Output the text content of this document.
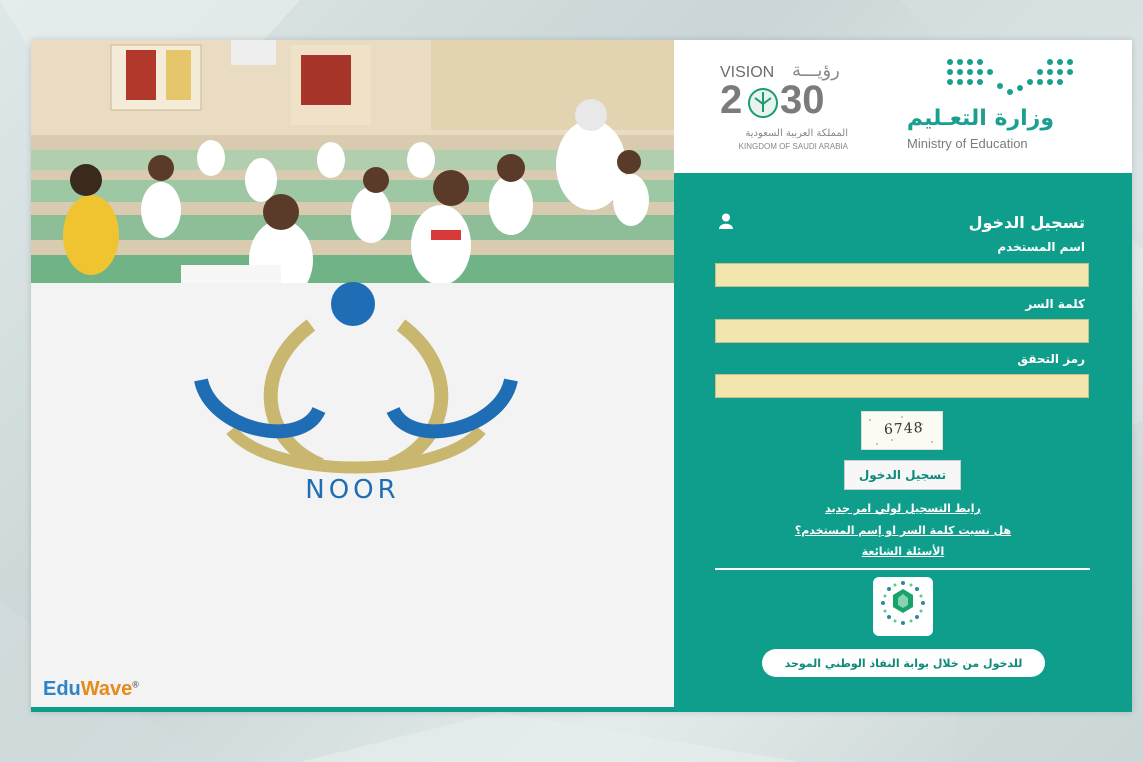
NOOR
EduWave®
VISION رؤيـــة
2 30
المملكة العربية السعودية
KINGDOM OF SAUDI ARABIA
وزارة التعـليم
Ministry of Education
تسجيل الدخول
اسم المستخدم
كلمة السر
رمز التحقق
6748
تسجيل الدخول
رابط التسجيل لولي امر جديد
هل نسيت كلمة السر او إسم المستخدم؟
الأسئلة الشائعة
للدخول من خلال بوابة النفاذ الوطني الموحد
